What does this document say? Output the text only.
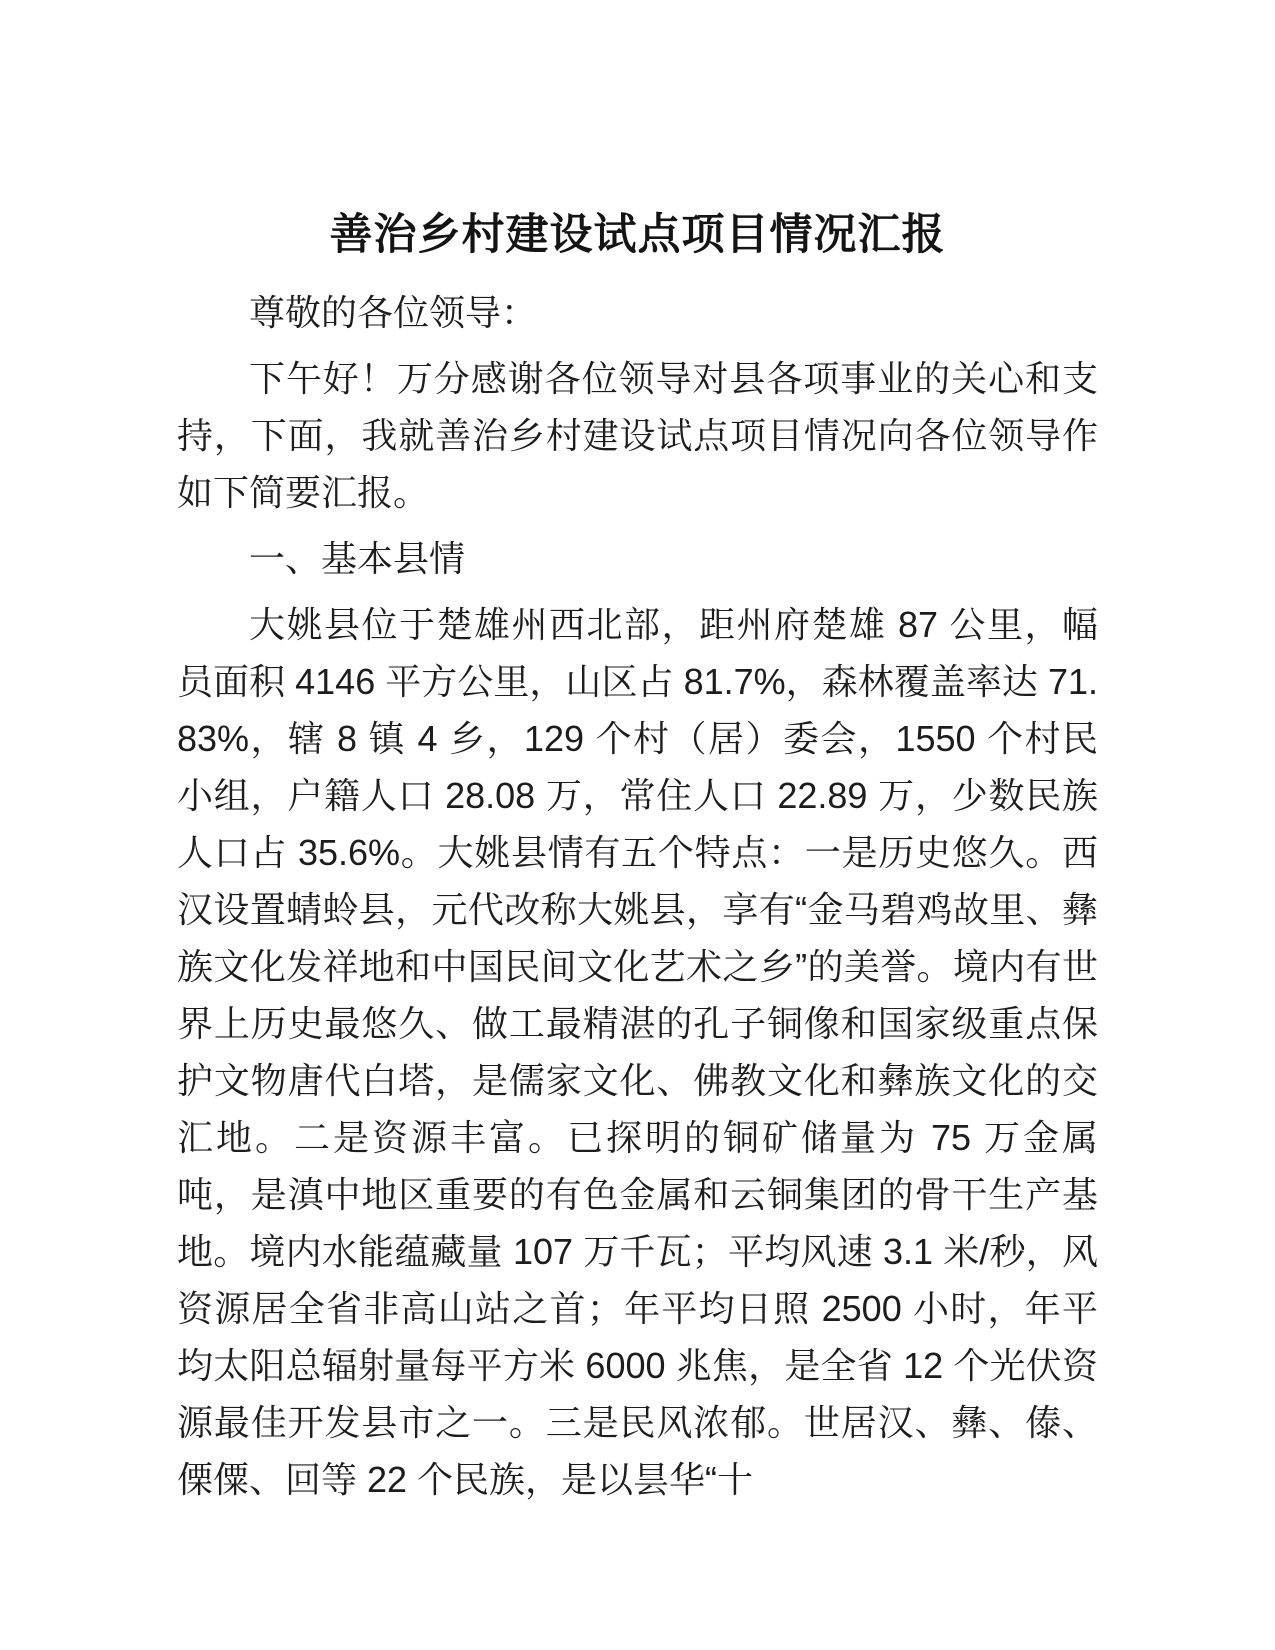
善治乡村建设试点项目情况汇报

尊敬的各位领导：

下午好！万分感谢各位领导对县各项事业的关心和支持，下面，我就善治乡村建设试点项目情况向各位领导作如下简要汇报。

一、基本县情

大姚县位于楚雄州西北部，距州府楚雄 87 公里，幅员面积 4146 平方公里，山区占 81.7%，森林覆盖率达 71.83%，辖 8 镇 4 乡，129 个村（居）委会，1550 个村民小组，户籍人口 28.08 万，常住人口 22.89 万，少数民族人口占 35.6%。大姚县情有五个特点：一是历史悠久。西汉设置蜻蛉县，元代改称大姚县，享有“金马碧鸡故里、彝族文化发祥地和中国民间文化艺术之乡”的美誉。境内有世界上历史最悠久、做工最精湛的孔子铜像和国家级重点保护文物唐代白塔，是儒家文化、佛教文化和彝族文化的交汇地。二是资源丰富。已探明的铜矿储量为 75 万金属吨，是滇中地区重要的有色金属和云铜集团的骨干生产基地。境内水能蕴藏量 107 万千瓦；平均风速 3.1 米/秒，风资源居全省非高山站之首；年平均日照 2500 小时，年平均太阳总辐射量每平方米 6000 兆焦，是全省 12 个光伏资源最佳开发县市之一。三是民风浓郁。世居汉、彝、傣、傈僳、回等 22 个民族，是以昙华“十
